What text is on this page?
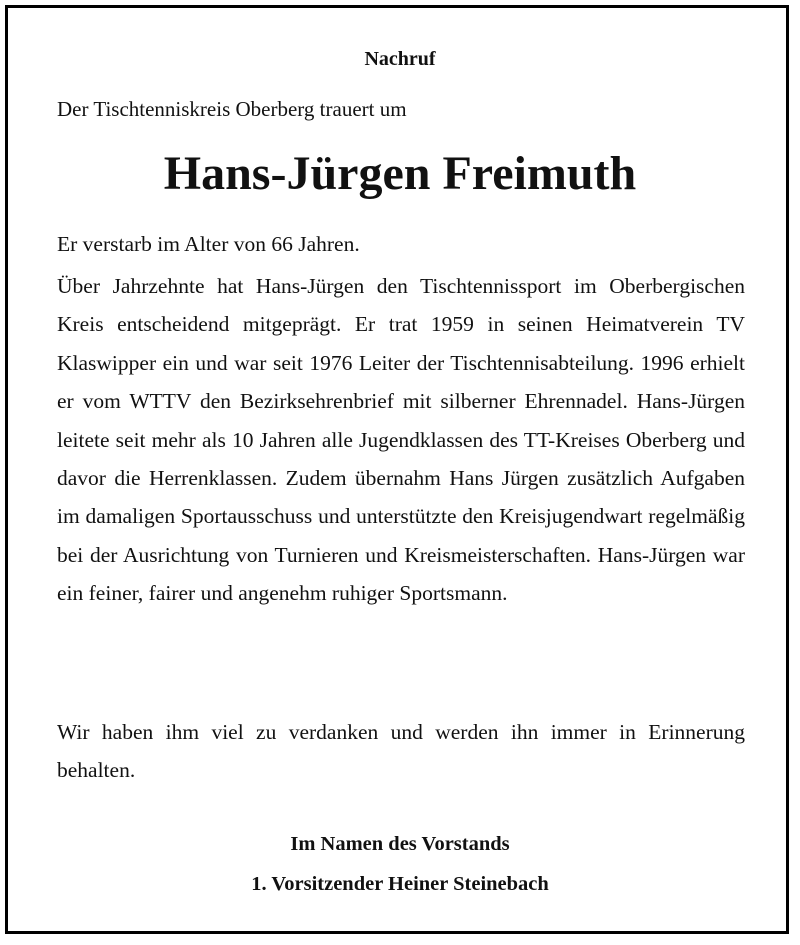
Nachruf
Der Tischtenniskreis Oberberg trauert um
Hans-Jürgen Freimuth
Er verstarb im Alter von 66 Jahren.
Über Jahrzehnte hat Hans-Jürgen den Tischtennissport im Oberbergischen Kreis entscheidend mitgeprägt. Er trat 1959 in seinen Heimatverein TV Klaswipper ein und war seit 1976 Leiter der Tischtennisabteilung. 1996 erhielt er vom WTTV den Bezirksehrenbrief mit silberner Ehrennadel. Hans-Jürgen leitete seit mehr als 10 Jahren alle Jugendklassen des TT-Kreises Oberberg und davor die Herrenklassen. Zudem übernahm Hans Jürgen zusätzlich Aufgaben im damaligen Sportausschuss und unterstützte den Kreisjugendwart regelmäßig bei der Ausrichtung von Turnieren und Kreismeisterschaften. Hans-Jürgen war ein feiner, fairer und angenehm ruhiger Sportsmann.
Wir haben ihm viel zu verdanken und werden ihn immer in Erinnerung behalten.
Im Namen des Vorstands
1. Vorsitzender Heiner Steinebach
